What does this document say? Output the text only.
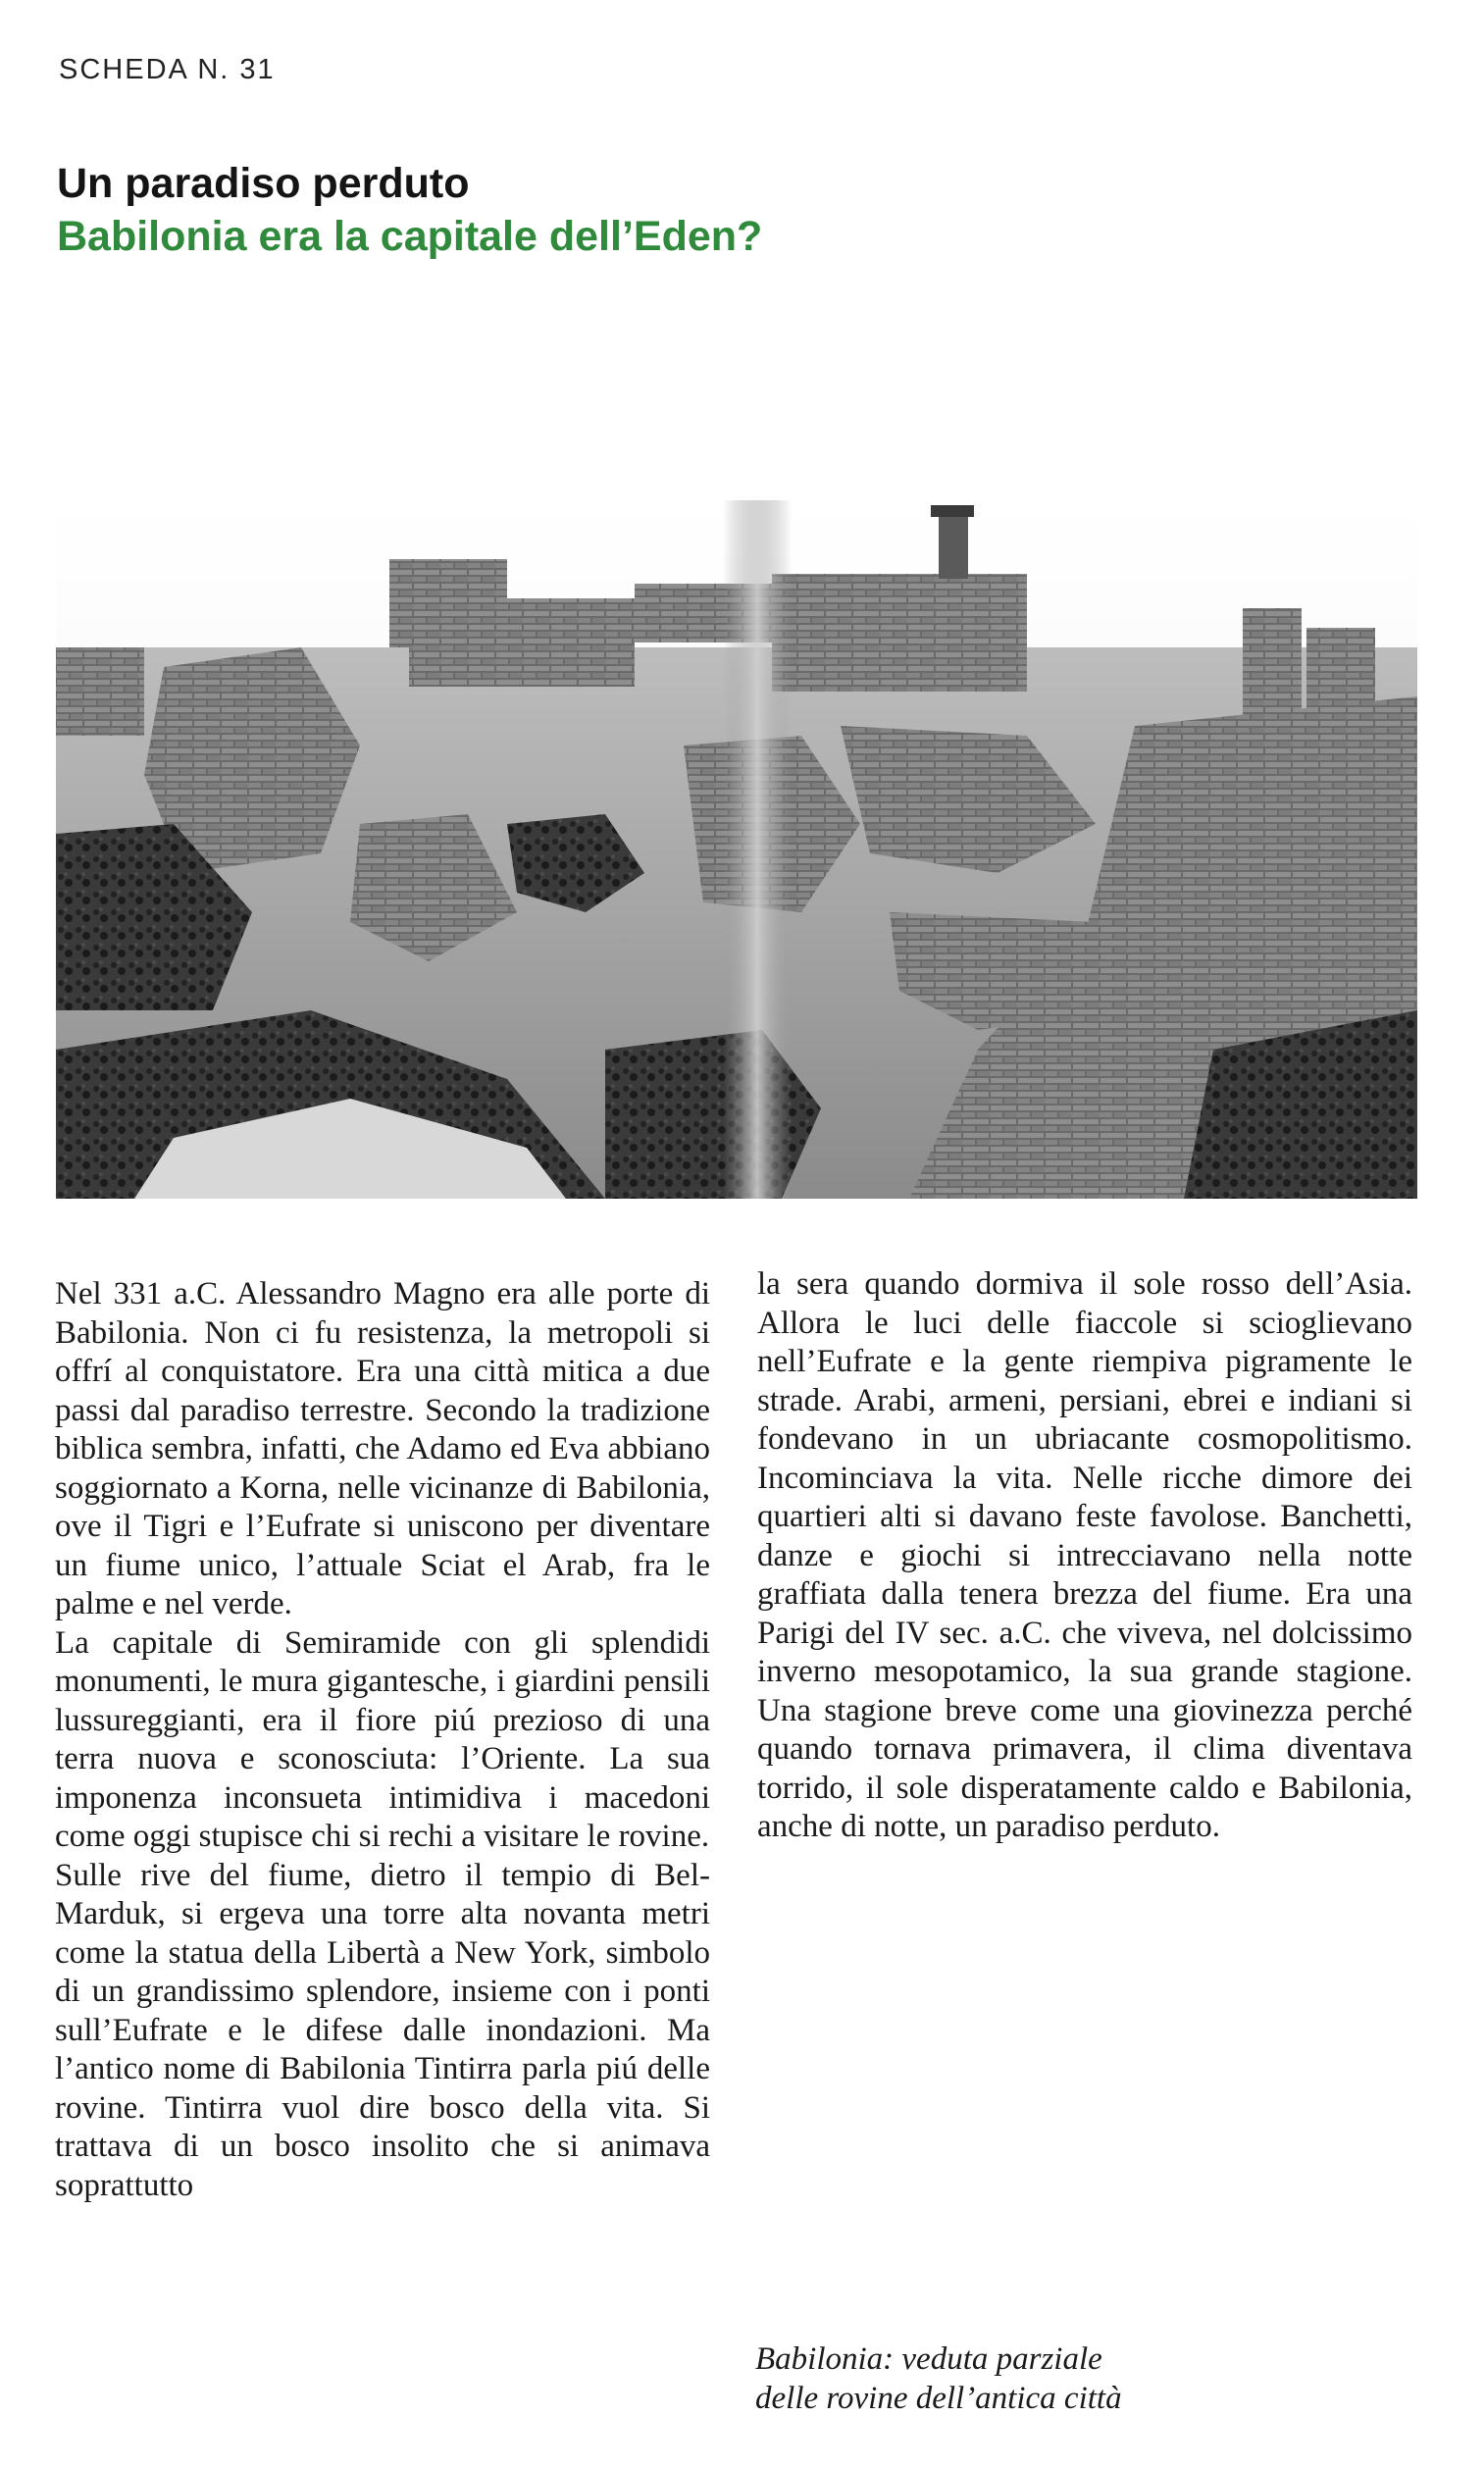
SCHEDA N. 31
Un paradiso perduto
Babilonia era la capitale dell’Eden?

Nel 331 a.C. Alessandro Magno era alle porte di Babilonia. Non ci fu resistenza, la metropoli si offrí al conquistatore. Era una città mitica a due passi dal paradiso terrestre. Secondo la tradizione biblica sembra, infatti, che Adamo ed Eva abbiano soggiornato a Korna, nelle vicinanze di Babilonia, ove il Tigri e l’Eufrate si uniscono per diventare un fiume unico, l’attuale Sciat el Arab, fra le palme e nel verde.

La capitale di Semiramide con gli splendidi monumenti, le mura gigantesche, i giardini pensili lussureggianti, era il fiore piú prezioso di una terra nuova e sconosciuta: l’Oriente. La sua imponenza inconsueta intimidiva i macedoni come oggi stupisce chi si rechi a visitare le rovine.

Sulle rive del fiume, dietro il tempio di Bel-Marduk, si ergeva una torre alta novanta metri come la statua della Libertà a New York, simbolo di un grandissimo splendore, insieme con i ponti sull’Eufrate e le difese dalle inondazioni. Ma l’antico nome di Babilonia Tintirra parla piú delle rovine. Tintirra vuol dire bosco della vita. Si trattava di un bosco insolito che si animava soprattutto

la sera quando dormiva il sole rosso dell’Asia. Allora le luci delle fiaccole si scioglievano nell’Eufrate e la gente riempiva pigramente le strade. Arabi, armeni, persiani, ebrei e indiani si fondevano in un ubriacante cosmopolitismo. Incominciava la vita. Nelle ricche dimore dei quartieri alti si davano feste favolose. Banchetti, danze e giochi si intrecciavano nella notte graffiata dalla tenera brezza del fiume. Era una Parigi del IV sec. a.C. che viveva, nel dolcissimo inverno mesopotamico, la sua grande stagione. Una stagione breve come una giovinezza perché quando tornava primavera, il clima diventava torrido, il sole disperatamente caldo e Babilonia, anche di notte, un paradiso perduto.

Babilonia: veduta parziale
delle rovine dell’antica città
